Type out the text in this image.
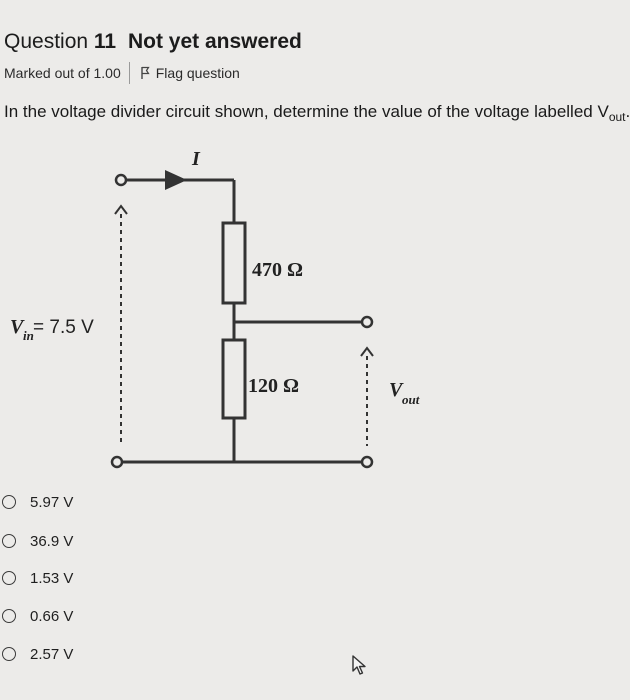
Question 11 Not yet answered
Marked out of 1.00	Flag question
In the voltage divider circuit shown, determine the value of the voltage labelled $V_{out}$.
I
470 Ω
120 Ω
V in = 7.5 V
V out
5.97 V
36.9 V
1.53 V
0.66 V
2.57 V
